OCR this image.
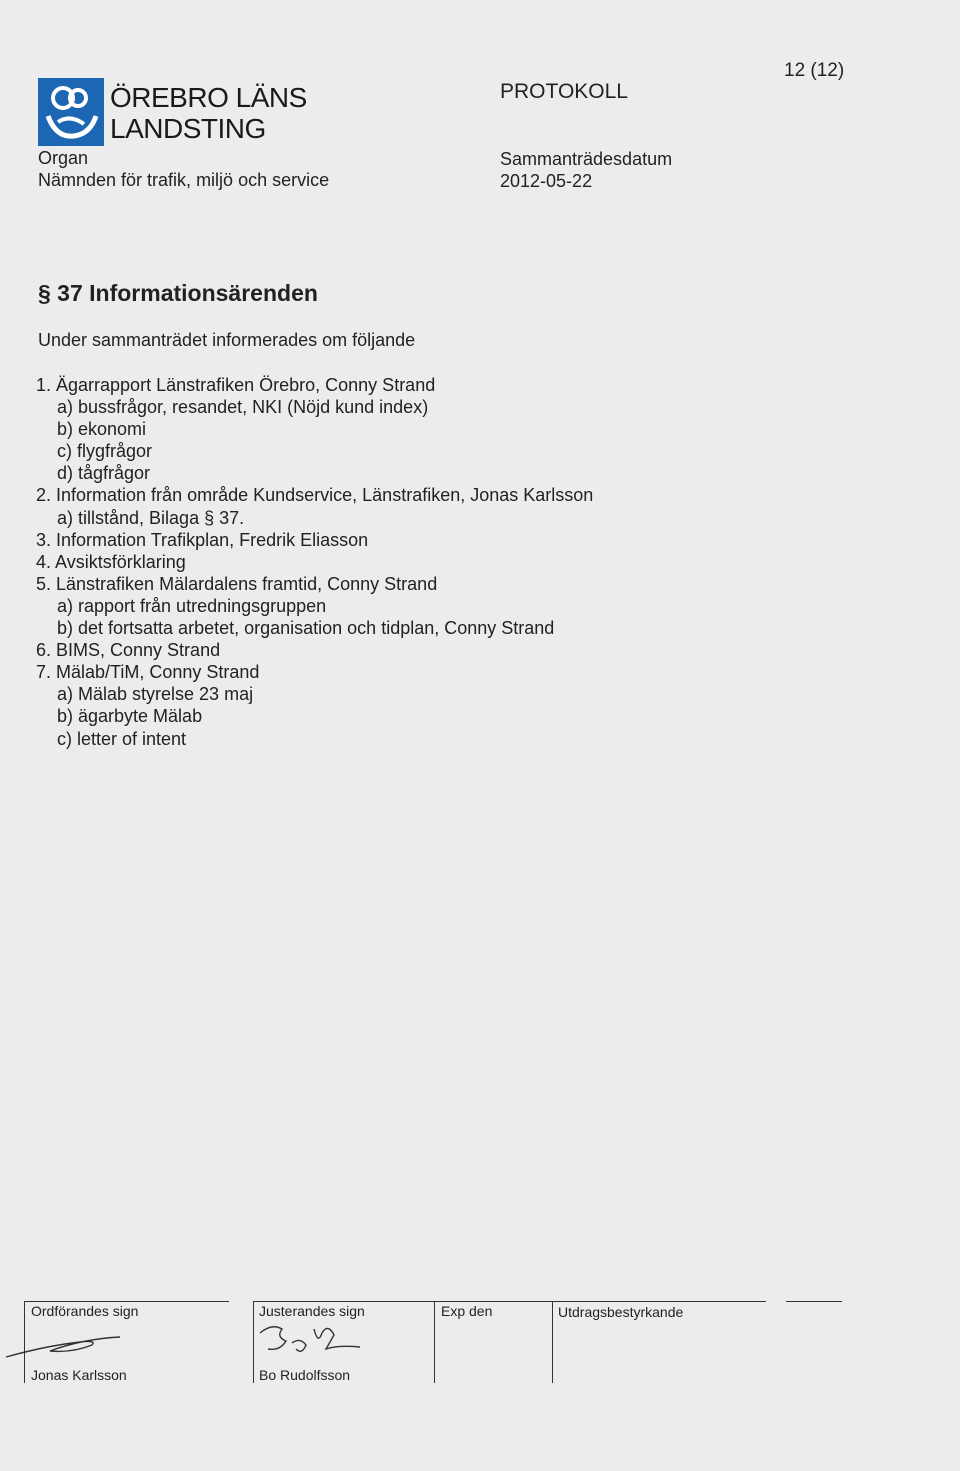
ÖREBRO LÄNS
LANDSTING
12 (12)
PROTOKOLL
Organ
Nämnden för trafik, miljö och service
Sammanträdesdatum
2012-05-22
§ 37 Informationsärenden
Under sammanträdet informerades om följande
1. Ägarrapport Länstrafiken Örebro, Conny Strand
a) bussfrågor, resandet, NKI (Nöjd kund index)
b) ekonomi
c) flygfrågor
d) tågfrågor
2. Information från område Kundservice, Länstrafiken, Jonas Karlsson
a) tillstånd, Bilaga § 37.
3. Information Trafikplan, Fredrik Eliasson
4. Avsiktsförklaring
5. Länstrafiken Mälardalens framtid, Conny Strand
a) rapport från utredningsgruppen
b) det fortsatta arbetet, organisation och tidplan, Conny Strand
6. BIMS, Conny Strand
7. Mälab/TiM, Conny Strand
a) Mälab styrelse 23 maj
b) ägarbyte Mälab
c) letter of intent
Ordförandes sign	Justerandes sign	Exp den	Utdragsbestyrkande
Jonas Karlsson	Bo Rudolfsson
